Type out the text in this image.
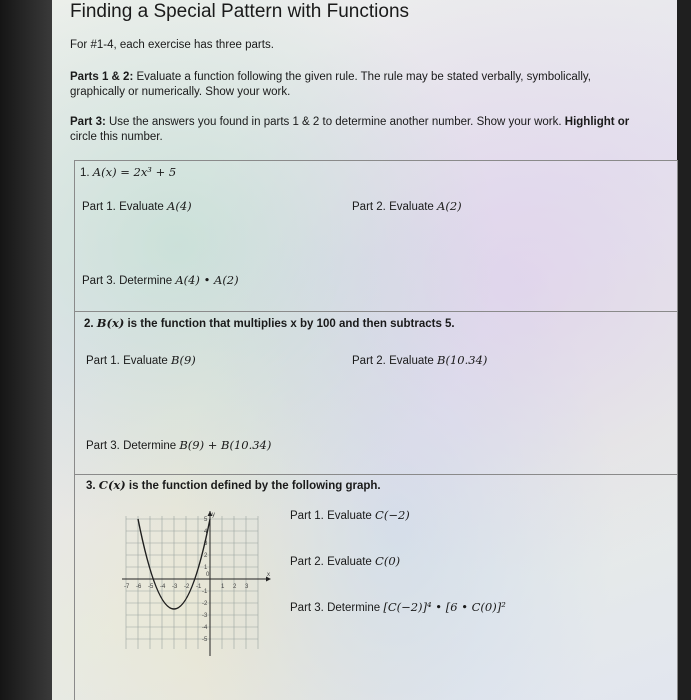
Finding a Special Pattern with Functions
For #1-4, each exercise has three parts.
Parts 1 & 2: Evaluate a function following the given rule. The rule may be stated verbally, symbolically,
graphically or numerically. Show your work.
Part 3: Use the answers you found in parts 1 & 2 to determine another number. Show your work. Highlight or
circle this number.
1. A(x) = 2x³ + 5
Part 1. Evaluate A(4)	Part 2. Evaluate A(2)
Part 3. Determine A(4) • A(2)
2. B(x) is the function that multiplies x by 100 and then subtracts 5.
Part 1. Evaluate B(9)	Part 2. Evaluate B(10.34)
Part 3. Determine B(9) + B(10.34)
3. C(x) is the function defined by the following graph.
Part 1. Evaluate C(−2)
Part 2. Evaluate C(0)
Part 3. Determine [C(−2)]⁴ • [6 • C(0)]²
x
y
-7 -6 -5 -4 -3 -2 -1
0
1 2 3
5
4
3
2
1
-1
-2
-3
-4
-5
